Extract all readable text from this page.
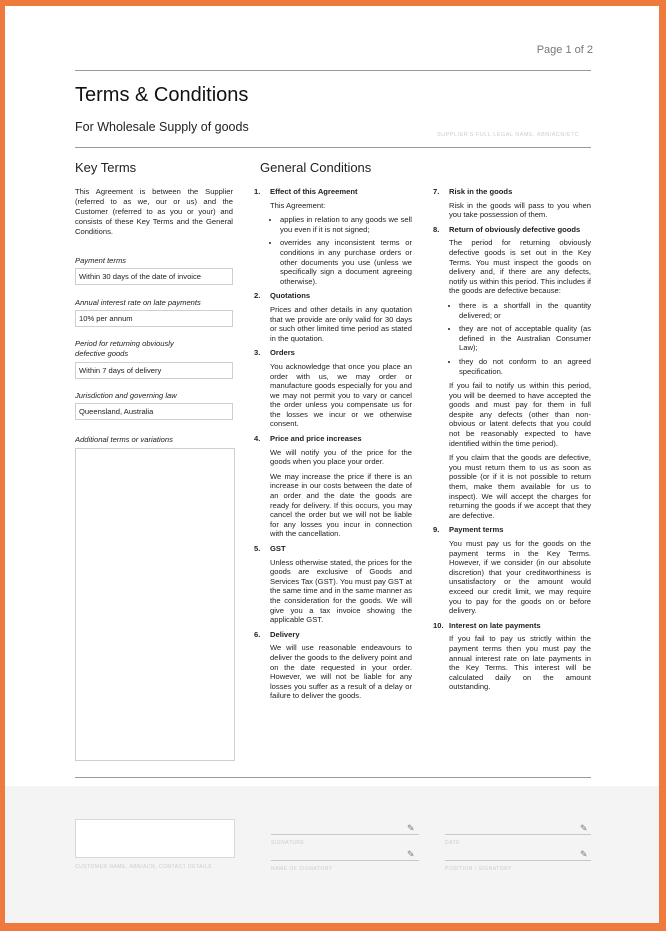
Page 1 of 2
Terms & Conditions
For Wholesale Supply of goods
SUPPLIER'S FULL LEGAL NAME, ABN/ACN/ETC
Key Terms
This Agreement is between the Supplier (referred to as we, our or us) and the Customer (referred to as you or your) and consists of these Key Terms and the General Conditions.
Payment terms
Within 30 days of the date of invoice
Annual interest rate on late payments
10% per annum
Period for returning obviously defective goods
Within 7 days of delivery
Jurisdiction and governing law
Queensland, Australia
Additional terms or variations
General Conditions
1.	Effect of this Agreement

This Agreement:

• applies in relation to any goods we sell you even if it is not signed;
• overrides any inconsistent terms or conditions in any purchase orders or other documents you use (unless we specifically sign a document agreeing otherwise).
2.	Quotations

Prices and other details in any quotation that we provide are only valid for 30 days or such other limited time period as stated in the quotation.

3.	Orders

You acknowledge that once you place an order with us, we may order or manufacture goods especially for you and we may not permit you to vary or cancel the order unless you compensate us for the losses we incur or we otherwise consent.

4.	Price and price increases

We will notify you of the price for the goods when you place your order.

We may increase the price if there is an increase in our costs between the date of an order and the date the goods are ready for delivery. If this occurs, you may cancel the order but we will not be liable for any losses you incur in connection with the cancellation.

5.	GST

Unless otherwise stated, the prices for the goods are exclusive of Goods and Services Tax (GST). You must pay GST at the same time and in the same manner as the consideration for the goods. We will give you a tax invoice showing the applicable GST.

6.	Delivery

We will use reasonable endeavours to deliver the goods to the delivery point and on the date requested in your order. However, we will not be liable for any losses you suffer as a result of a delay or failure to deliver the goods.

7.	Risk in the goods

Risk in the goods will pass to you when you take possession of them.

8.	Return of obviously defective goods

The period for returning obviously defective goods is set out in the Key Terms. You must inspect the goods on delivery and, if there are any defects, notify us within this period. This includes if the goods are defective because:

• there is a shortfall in the quantity delivered; or
• they are not of acceptable quality (as defined in the Australian Consumer Law);
• they do not conform to an agreed specification.

If you fail to notify us within this period, you will be deemed to have accepted the goods and must pay for them in full despite any defects (other than non-obvious or latent defects that you could not be reasonably expected to have identified within the time period).

If you claim that the goods are defective, you must return them to us as soon as possible (or if it is not possible to return them, make them available for us to inspect). We will accept the charges for returning the goods if we accept that they are defective.

9.	Payment terms

You must pay us for the goods on the payment terms in the Key Terms. However, if we consider (in our absolute discretion) that your creditworthiness is unsatisfactory or the amount would exceed our credit limit, we may require you to pay for the goods on or before delivery.

10. Interest on late payments

If you fail to pay us strictly within the payment terms then you must pay the annual interest rate on late payments in the Key Terms. This interest will be calculated daily on the amount outstanding.

CUSTOMER NAME, ABN/ACN, CONTACT DETAILS
✎
SIGNATURE
✎
DATE
✎
NAME OF SIGNATORY
✎
POSITION / SIGNATORY
